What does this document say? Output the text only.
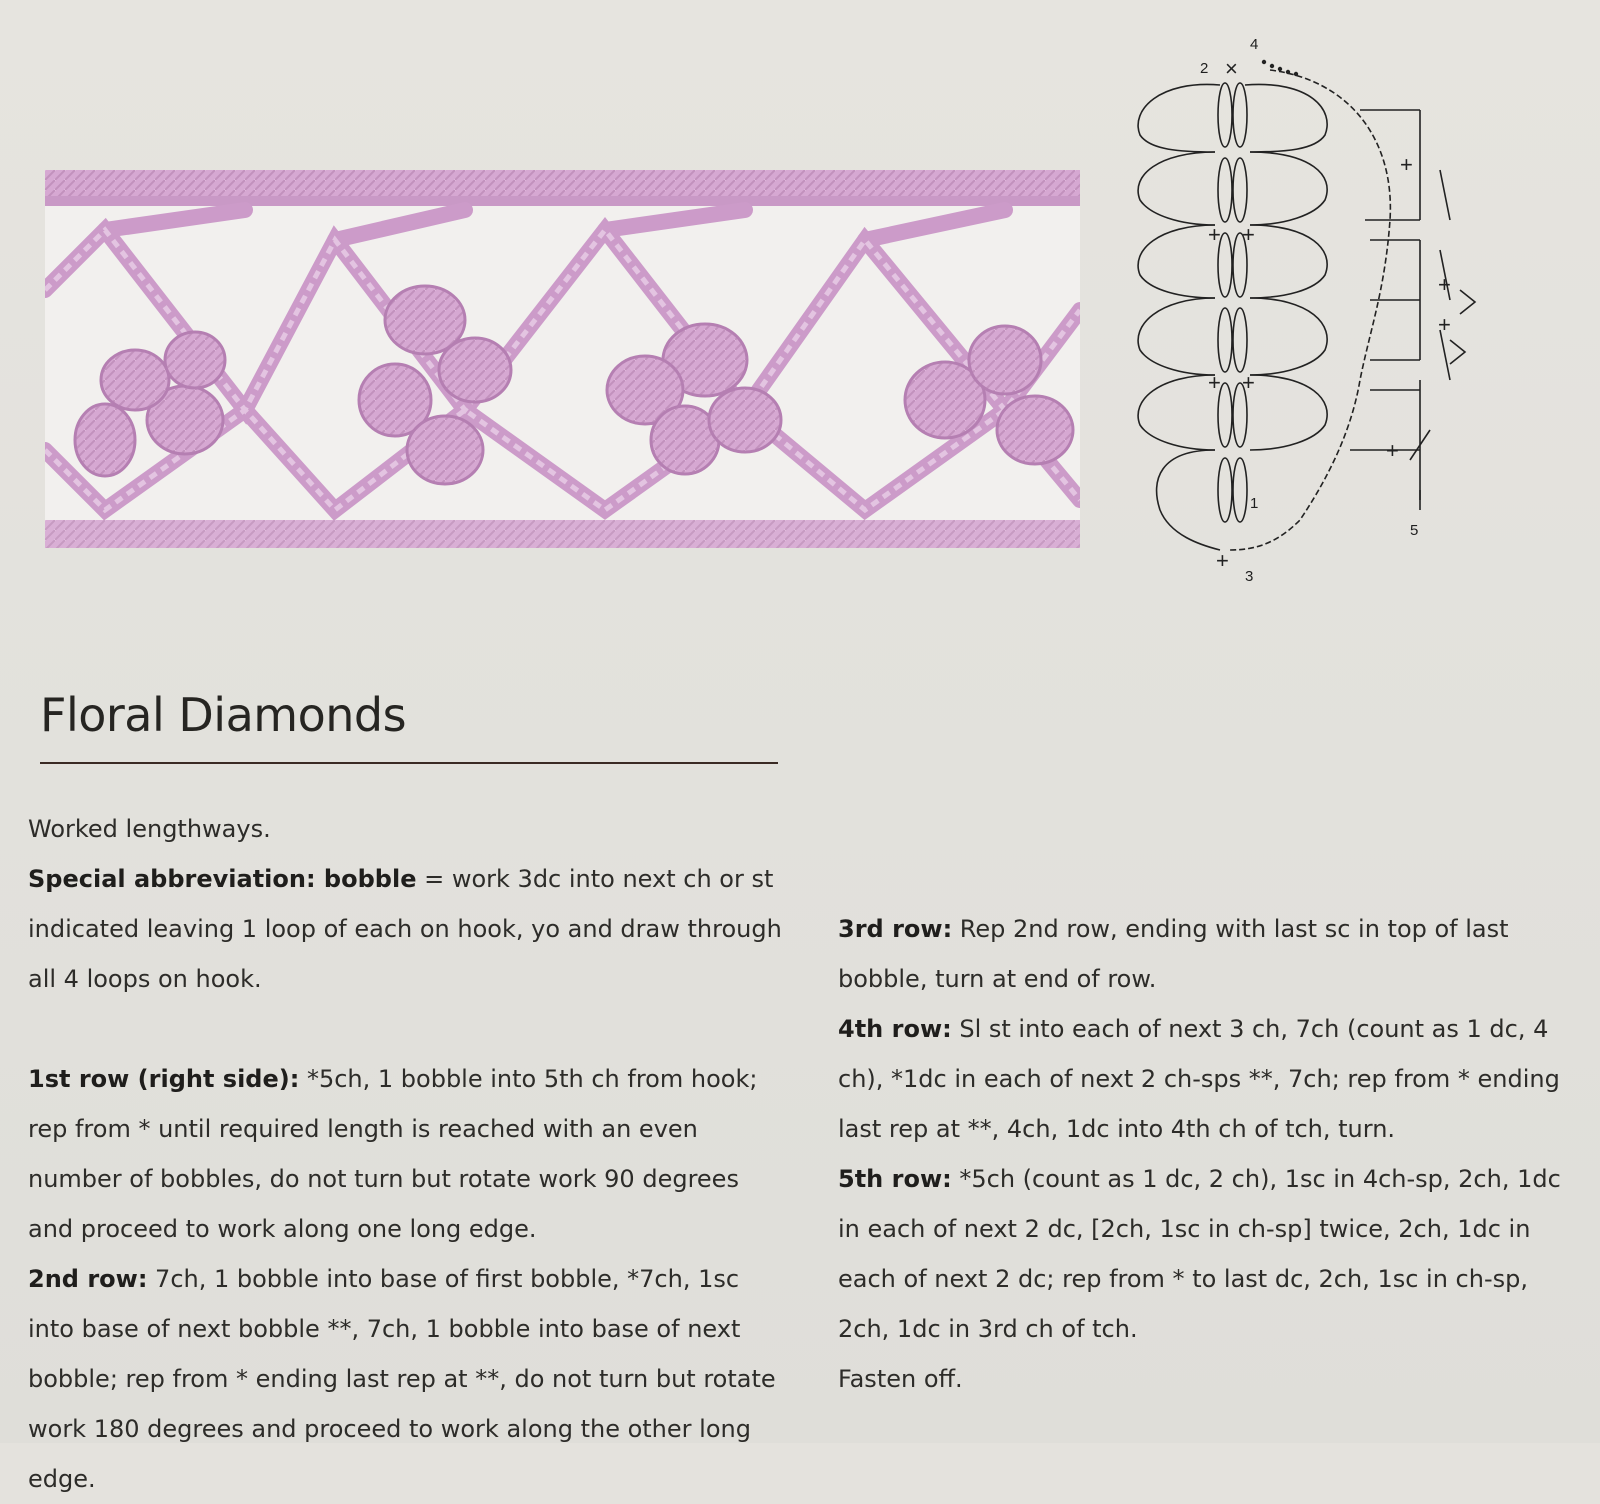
+ +
+ +
+
+
+
+
+
×
1
2
3
4
5
Floral Diamonds

Worked lengthways.

Special abbreviation: bobble = work 3dc into next ch or st indicated leaving 1 loop of each on hook, yo and draw through all 4 loops on hook.

1st row (right side): *5ch, 1 bobble into 5th ch from hook; rep from * until required length is reached with an even number of bobbles, do not turn but rotate work 90 degrees and proceed to work along one long edge.

2nd row: 7ch, 1 bobble into base of first bobble, *7ch, 1sc into base of next bobble **, 7ch, 1 bobble into base of next bobble; rep from * ending last rep at **, do not turn but rotate work 180 degrees and proceed to work along the other long edge.

3rd row: Rep 2nd row, ending with last sc in top of last bobble, turn at end of row.

4th row: Sl st into each of next 3 ch, 7ch (count as 1 dc, 4 ch), *1dc in each of next 2 ch-sps **, 7ch; rep from * ending last rep at **, 4ch, 1dc into 4th ch of tch, turn.

5th row: *5ch (count as 1 dc, 2 ch), 1sc in 4ch-sp, 2ch, 1dc in each of next 2 dc, [2ch, 1sc in ch-sp] twice, 2ch, 1dc in each of next 2 dc; rep from * to last dc, 2ch, 1sc in ch-sp, 2ch, 1dc in 3rd ch of tch.

Fasten off.
